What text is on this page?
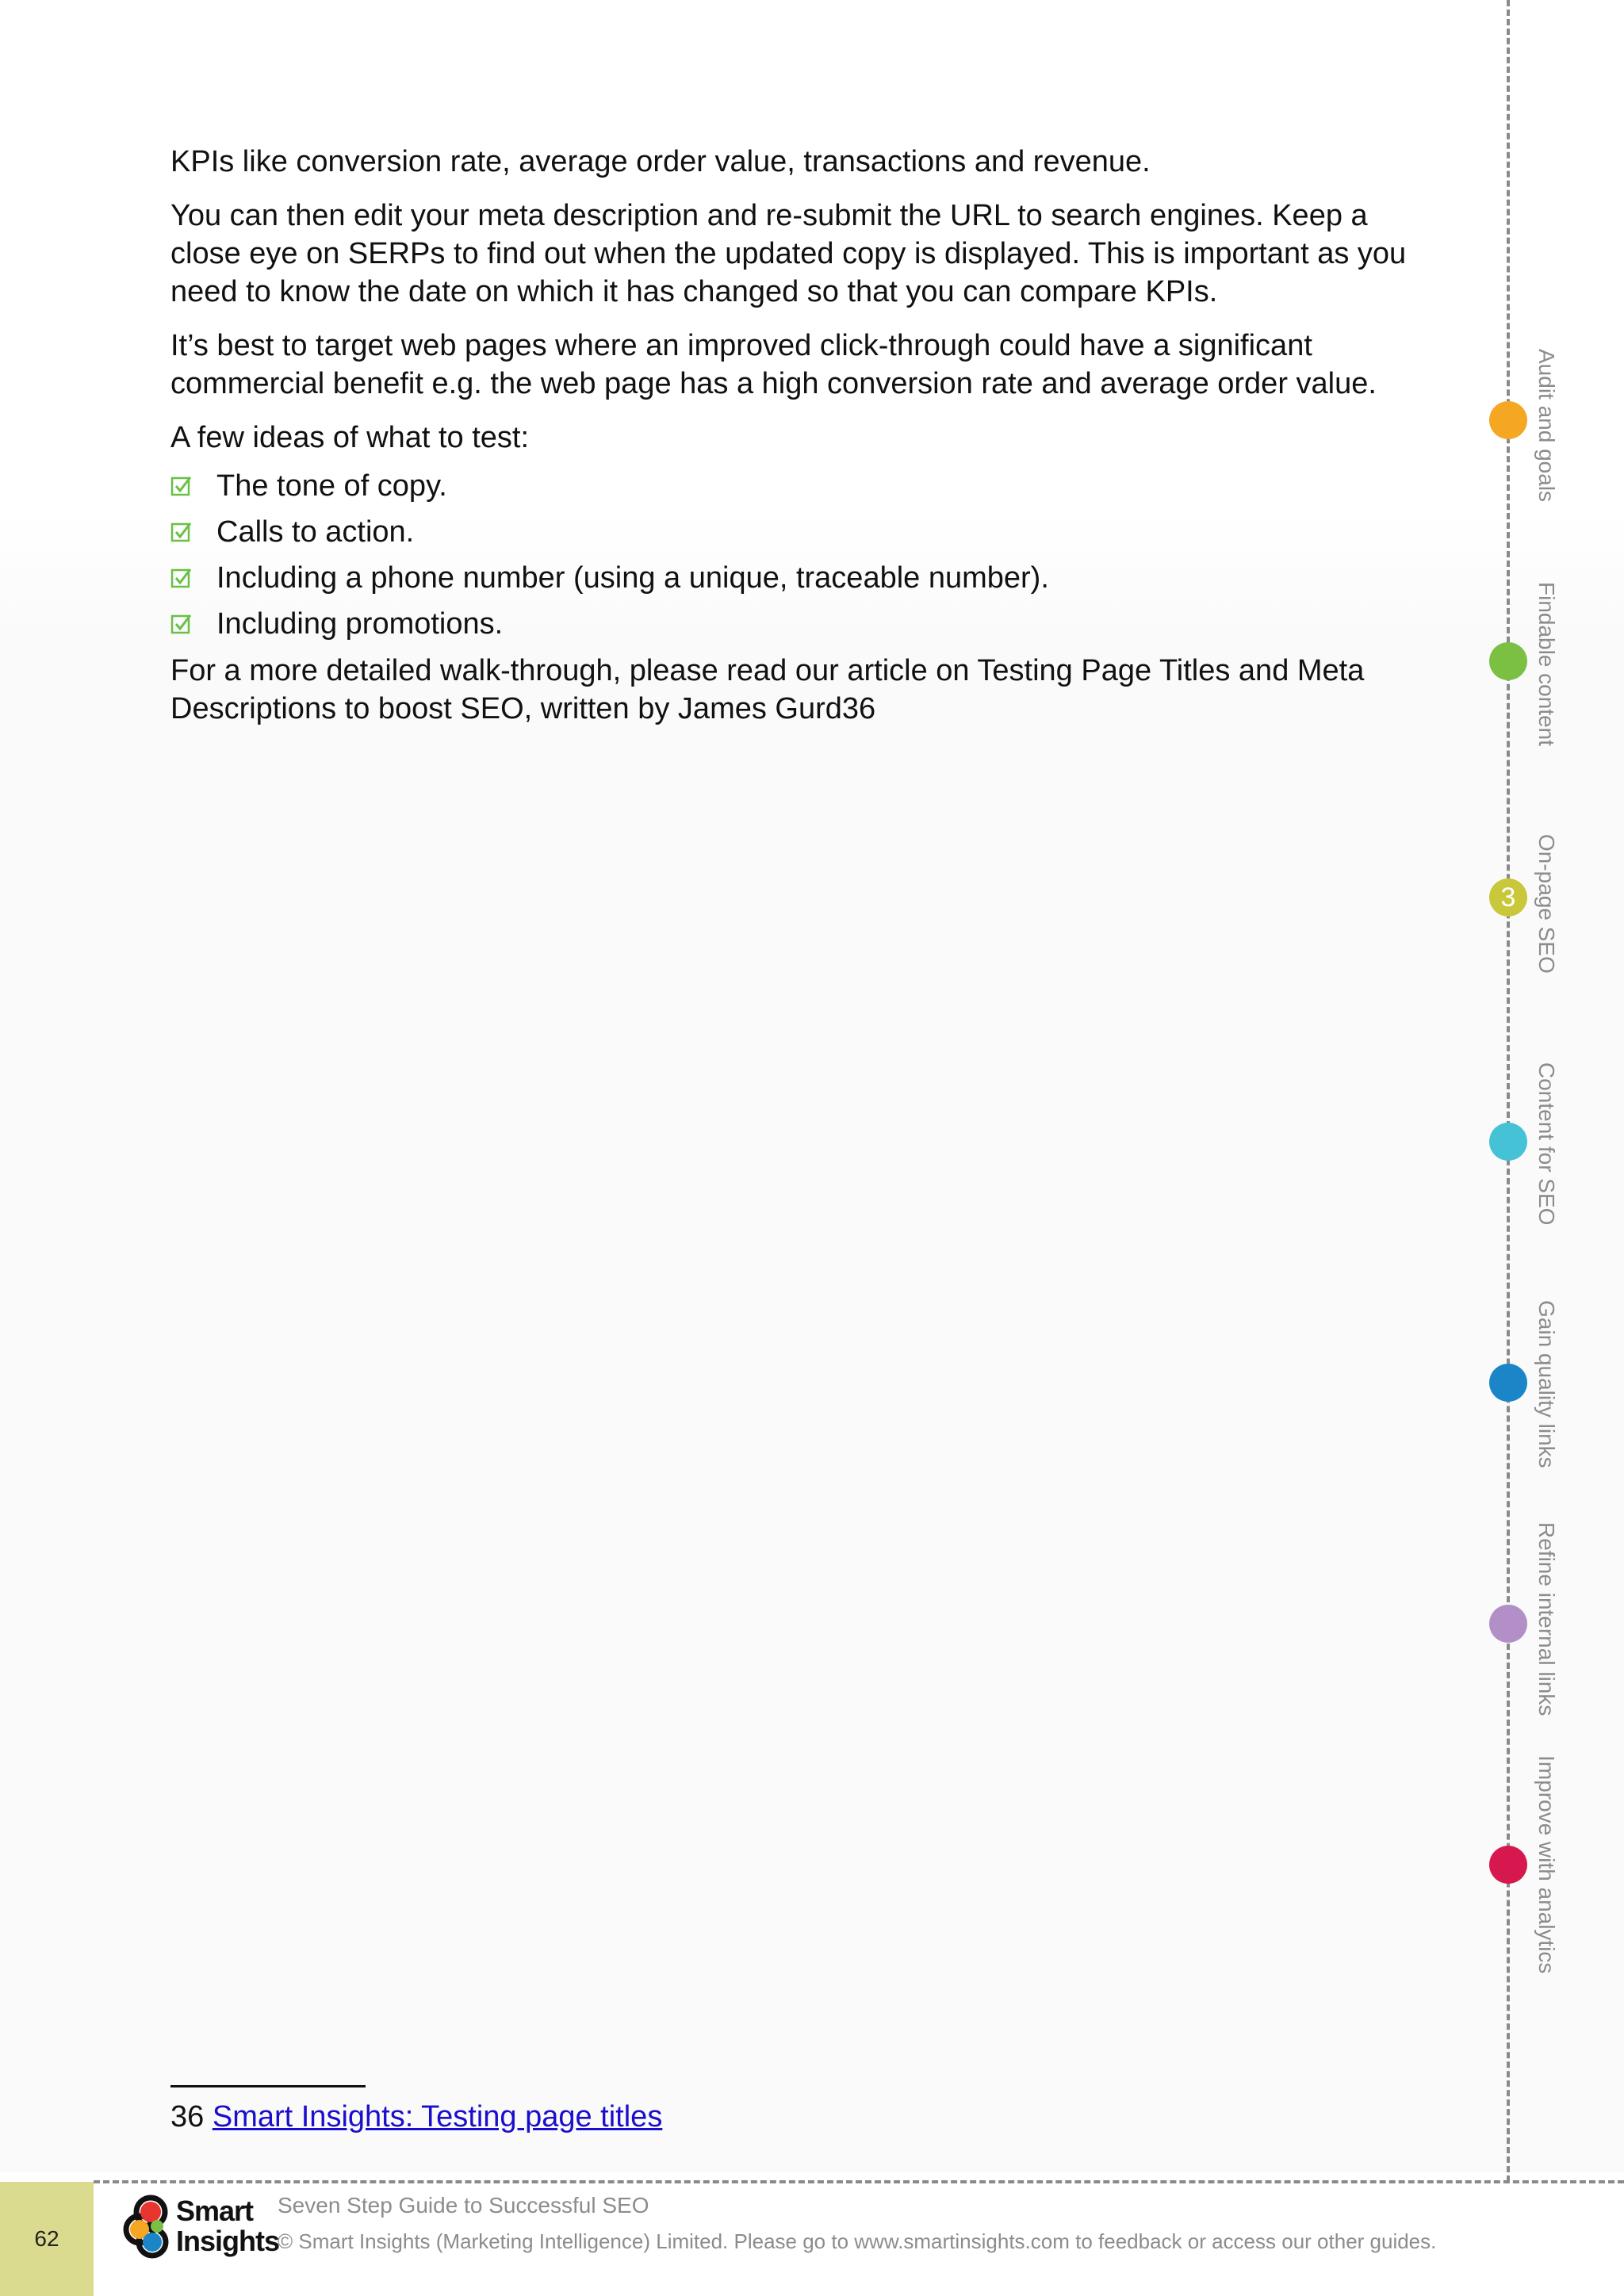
KPIs like conversion rate, average order value, transactions and revenue.

You can then edit your meta description and re-submit the URL to search engines. Keep a close eye on SERPs to find out when the updated copy is displayed. This is important as you need to know the date on which it has changed so that you can compare KPIs.

It’s best to target web pages where an improved click-through could have a significant commercial benefit e.g. the web page has a high conversion rate and average order value.

A few ideas of what to test:

The tone of copy.
Calls to action.
Including a phone number (using a unique, traceable number).
Including promotions.

For a more detailed walk-through, please read our article on Testing Page Titles and Meta Descriptions to boost SEO, written by James Gurd36

3
Audit and goals
Findable content
On-page SEO
Content for SEO
Gain quality links
Refine internal links
Improve with analytics
36 Smart Insights: Testing page titles
62
Smart
Insights
Seven Step Guide to Successful SEO
© Smart Insights (Marketing Intelligence) Limited. Please go to www.smartinsights.com to feedback or access our other guides.
